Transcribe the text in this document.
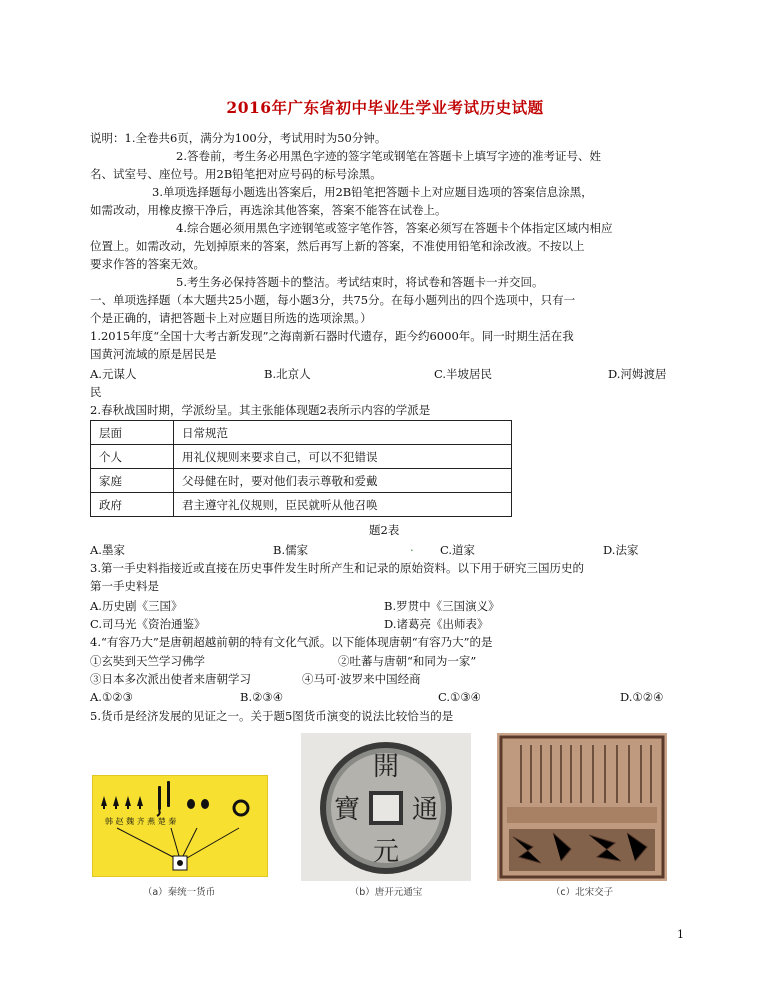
2016年广东省初中毕业生学业考试历史试题
说明：1.全卷共6页，满分为100分，考试用时为50分钟。
2.答卷前，考生务必用黑色字迹的签字笔或钢笔在答题卡上填写字迹的准考证号、姓
名、试室号、座位号。用2B铅笔把对应号码的标号涂黑。
3.单项选择题每小题选出答案后，用2B铅笔把答题卡上对应题目选项的答案信息涂黑，
如需改动，用橡皮擦干净后，再选涂其他答案，答案不能答在试卷上。
4.综合题必须用黑色字迹钢笔或签字笔作答，答案必须写在答题卡个体指定区域内相应
位置上。如需改动，先划掉原来的答案，然后再写上新的答案，不准使用铅笔和涂改液。不按以上
要求作答的答案无效。
5.考生务必保持答题卡的整洁。考试结束时，将试卷和答题卡一并交回。
一、单项选择题（本大题共25小题，每小题3分，共75分。在每小题列出的四个选项中，只有一
个是正确的，请把答题卡上对应题目所选的选项涂黑。）
1.2015年度“全国十大考古新发现”之海南新石器时代遗存，距今约6000年。同一时期生活在我
国黄河流域的原是居民是
A.元谋人	B.北京人	C.半坡居民	D.河姆渡居
民
2.春秋战国时期，学派纷呈。其主张能体现题2表所示内容的学派是
层面	日常规范
个人	用礼仪规则来要求自己，可以不犯错误
家庭	父母健在时，要对他们表示尊敬和爱戴
政府	君主遵守礼仪规则，臣民就听从他召唤
题2表
A.墨家	B.儒家	. C.道家	D.法家
3.第一手史料指接近或直接在历史事件发生时所产生和记录的原始资料。以下用于研究三国历史的
第一手史料是
A.历史剧《三国》	B.罗贯中《三国演义》
C.司马光《资治通鉴》	D.诸葛亮《出师表》
4.“有容乃大”是唐朝超越前朝的特有文化气派。以下能体现唐朝“有容乃大”的是
①玄奘到天竺学习佛学	②吐蕃与唐朝“和同为一家”
③日本多次派出使者来唐朝学习	④马可·波罗来中国经商
A.①②③	B.②③④	C.①③④	D.①②④
5.货币是经济发展的见证之一。关于题5图货币演变的说法比较恰当的是
韩 赵 魏 齐 燕 楚 秦
開
通
元
寶
（a）秦统一货币	（b）唐开元通宝	（c）北宋交子
1
